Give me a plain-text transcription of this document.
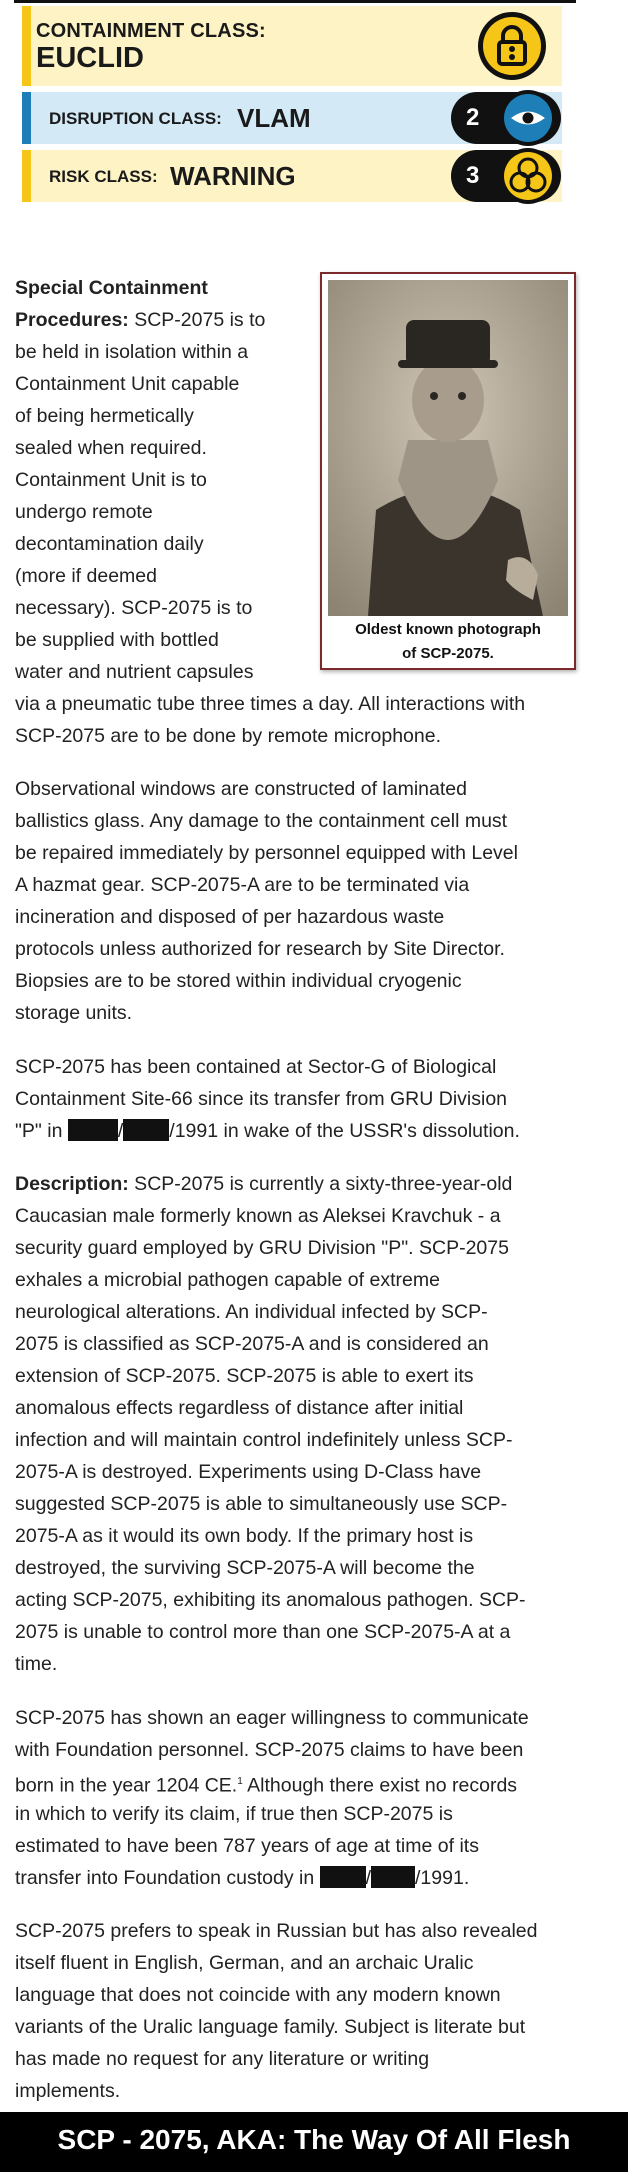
CONTAINMENT CLASS:
EUCLID
DISRUPTION CLASS: VLAM	2
RISK CLASS: WARNING	3
Oldest known photograph
of SCP-2075.
Special Containment
Procedures: SCP-2075 is to
be held in isolation within a
Containment Unit capable
of being hermetically
sealed when required.
Containment Unit is to
undergo remote
decontamination daily
(more if deemed
necessary). SCP-2075 is to
be supplied with bottled
water and nutrient capsules
via a pneumatic tube three times a day. All interactions with
SCP-2075 are to be done by remote microphone.
Observational windows are constructed of laminated
ballistics glass. Any damage to the containment cell must
be repaired immediately by personnel equipped with Level
A hazmat gear. SCP-2075-A are to be terminated via
incineration and disposed of per hazardous waste
protocols unless authorized for research by Site Director.
Biopsies are to be stored within individual cryogenic
storage units.
SCP-2075 has been contained at Sector-G of Biological
Containment Site-66 since its transfer from GRU Division
"P" in	/ /1991 in wake of the USSR's dissolution.
Description: SCP-2075 is currently a sixty-three-year-old
Caucasian male formerly known as Aleksei Kravchuk - a
security guard employed by GRU Division "P". SCP-2075
exhales a microbial pathogen capable of extreme
neurological alterations. An individual infected by SCP-
2075 is classified as SCP-2075-A and is considered an
extension of SCP-2075. SCP-2075 is able to exert its
anomalous effects regardless of distance after initial
infection and will maintain control indefinitely unless SCP-
2075-A is destroyed. Experiments using D-Class have
suggested SCP-2075 is able to simultaneously use SCP-
2075-A as it would its own body. If the primary host is
destroyed, the surviving SCP-2075-A will become the
acting SCP-2075, exhibiting its anomalous pathogen. SCP-
2075 is unable to control more than one SCP-2075-A at a
time.
SCP-2075 has shown an eager willingness to communicate
with Foundation personnel. SCP-2075 claims to have been
born in the year 1204 CE.$^1$ Although there exist no records
in which to verify its claim, if true then SCP-2075 is
estimated to have been 787 years of age at time of its
transfer into Foundation custody in / /1991.
SCP-2075 prefers to speak in Russian but has also revealed
itself fluent in English, German, and an archaic Uralic
language that does not coincide with any modern known
variants of the Uralic language family. Subject is literate but
has made no request for any literature or writing
implements.
SCP - 2075, AKA: The Way Of All Flesh
